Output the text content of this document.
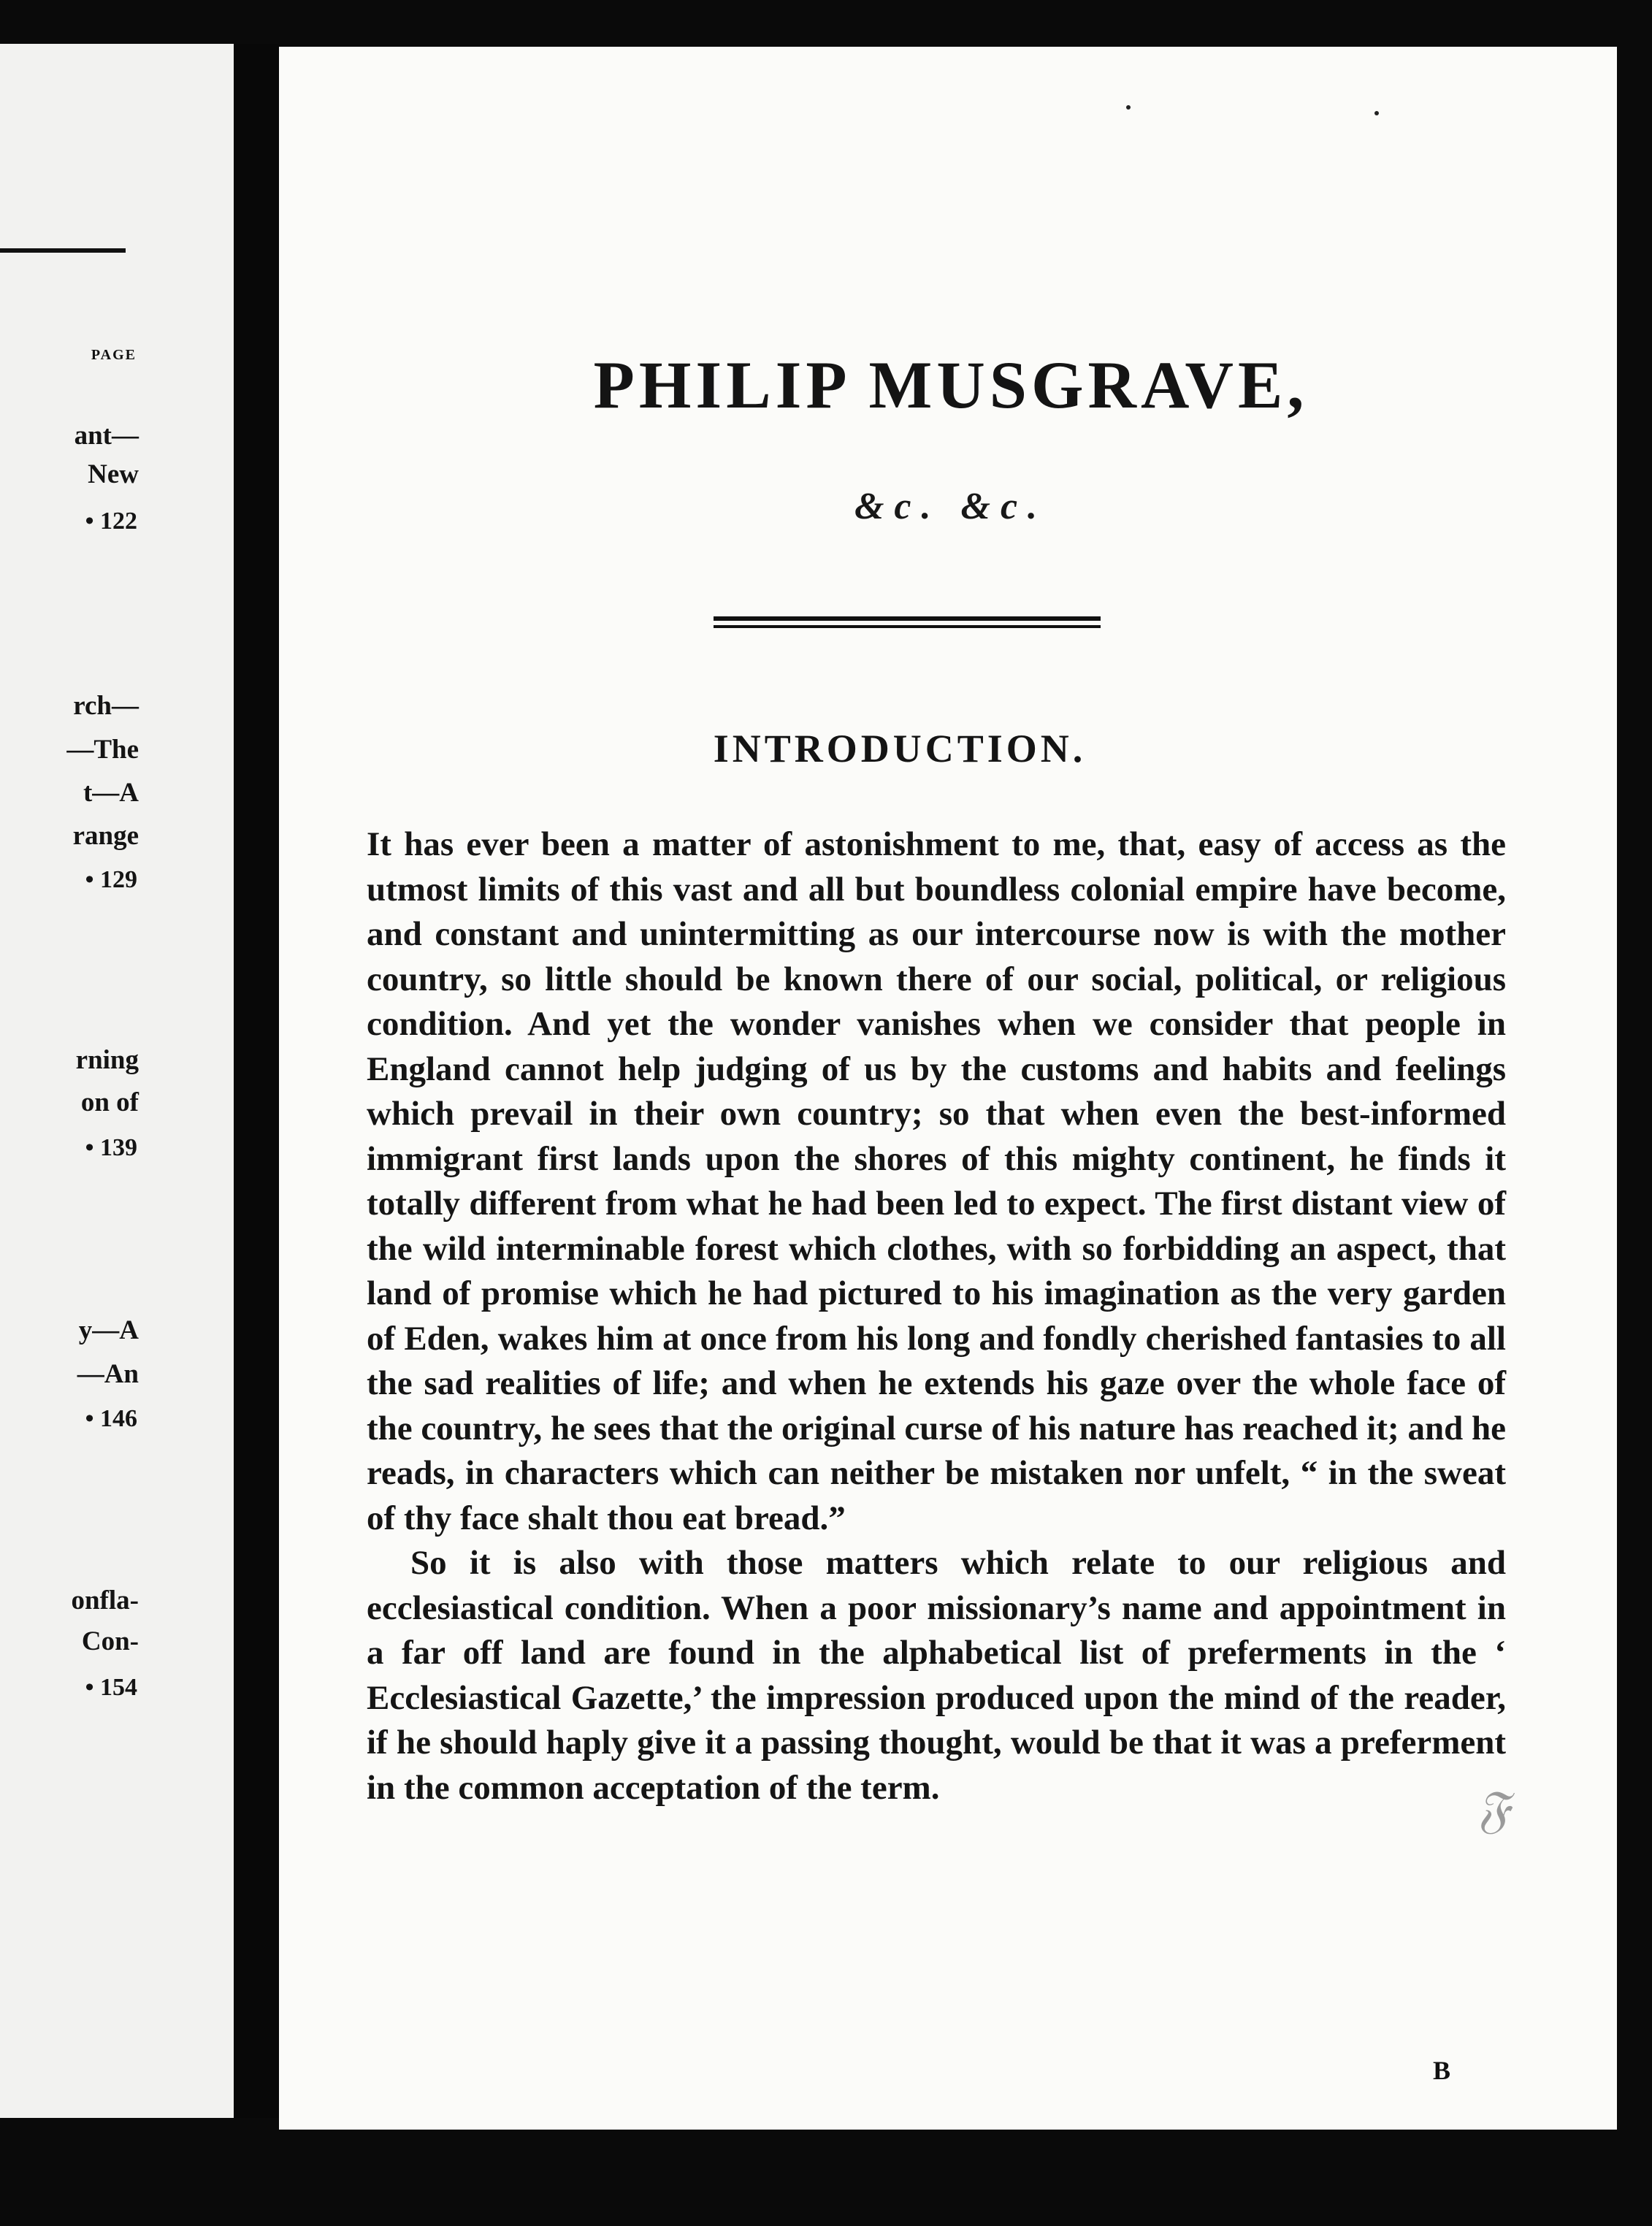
PAGE
ant—
New
• 122
rch—
—The
t—A
range
• 129
rning
on of
• 139
y—A
—An
• 146
onfla-
Con-
• 154
PHILIP MUSGRAVE,
&c. &c.
INTRODUCTION.

It has ever been a matter of astonishment to me, that, easy of access as the utmost limits of this vast and all but boundless colonial empire have become, and constant and unintermitting as our intercourse now is with the mother country, so little should be known there of our social, political, or religious condition. And yet the wonder vanishes when we consider that people in England cannot help judging of us by the customs and habits and feelings which prevail in their own country; so that when even the best-informed immigrant first lands upon the shores of this mighty continent, he finds it totally different from what he had been led to expect. The first distant view of the wild interminable forest which clothes, with so forbidding an aspect, that land of promise which he had pictured to his imagination as the very garden of Eden, wakes him at once from his long and fondly cherished fantasies to all the sad realities of life; and when he extends his gaze over the whole face of the country, he sees that the original curse of his nature has reached it; and he reads, in characters which can neither be mistaken nor unfelt, “ in the sweat of thy face shalt thou eat bread.”

So it is also with those matters which relate to our religious and ecclesiastical condition. When a poor missionary’s name and appointment in a far off land are found in the alphabetical list of preferments in the ‘ Ecclesiastical Gazette,’ the impression produced upon the mind of the reader, if he should haply give it a passing thought, would be that it was a preferment in the common acceptation of the term.	𝔉
B
